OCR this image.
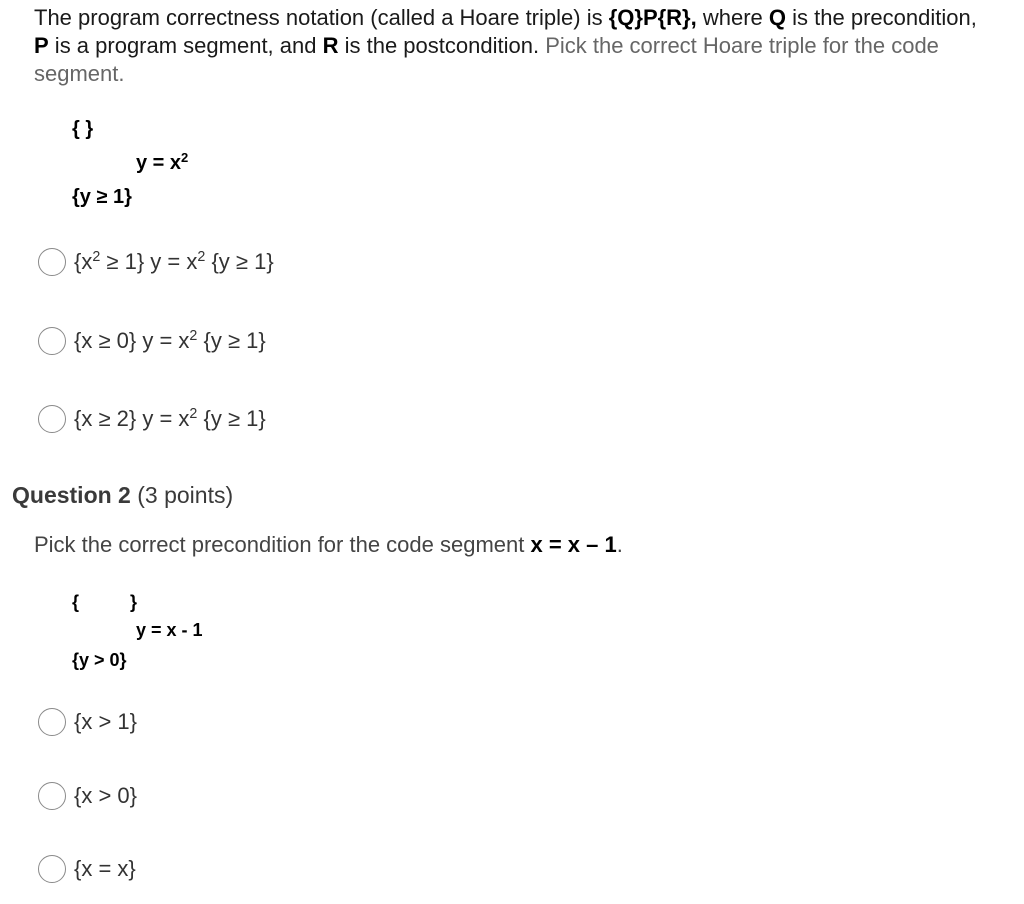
The program correctness notation (called a Hoare triple) is {Q}P{R}, where Q is the precondition, P is a program segment, and R is the postcondition. Pick the correct Hoare triple for the code segment.
{ }
$y = x^2$
{y ≥ 1}
$\{x^2 \ge 1\} y = x^2$ {y ≥ 1}
{x ≥ 0} $y = x^2$ {y ≥ 1}
{x ≥ 2} $y = x^2$ {y ≥ 1}
Question 2 (3 points)
Pick the correct precondition for the code segment x = x – 1.
{	}
y = x - 1
{y > 0}
{x > 1}
{x > 0}
{x = x}
